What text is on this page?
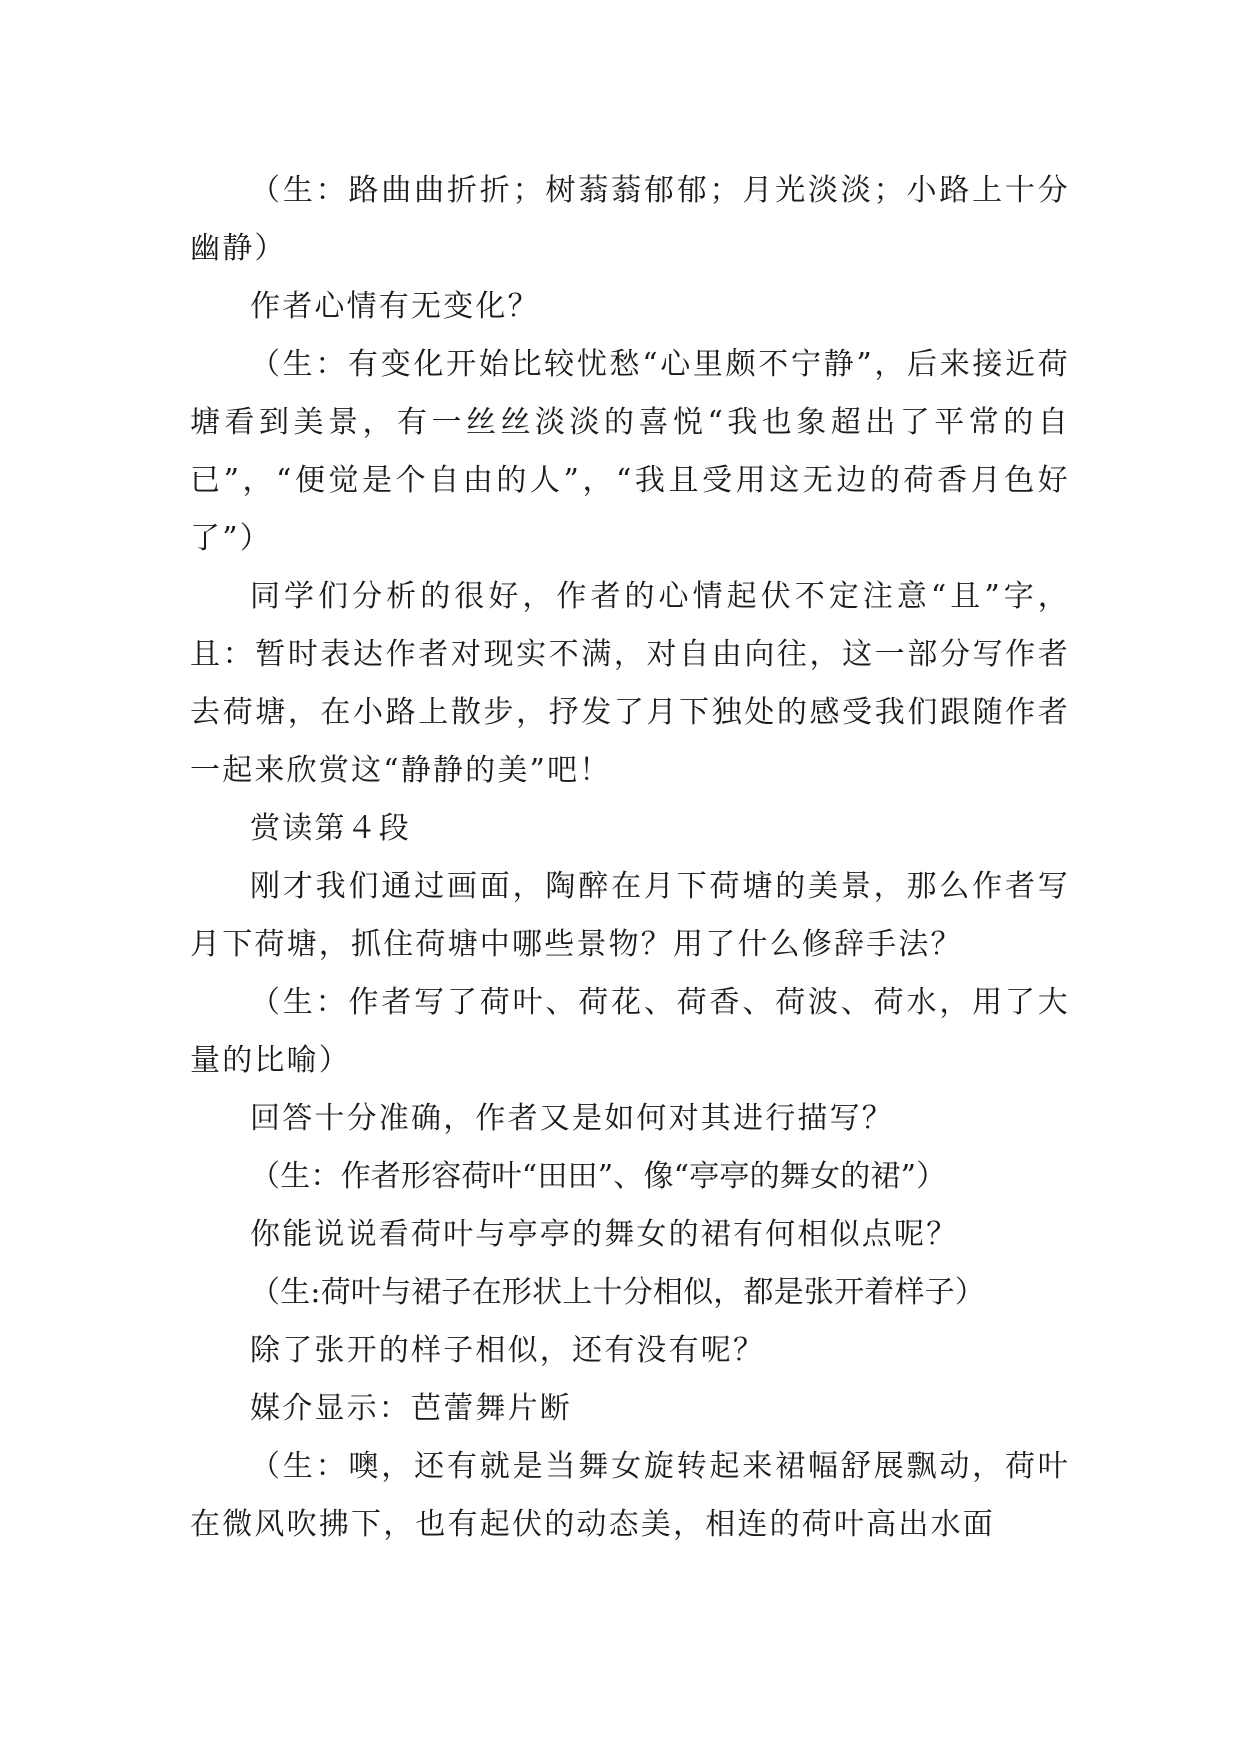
（生：路曲曲折折；树蓊蓊郁郁；月光淡淡；小路上十分幽静）

作者心情有无变化？

（生：有变化开始比较忧愁“心里颇不宁静”，后来接近荷塘看到美景，有一丝丝淡淡的喜悦“我也象超出了平常的自已”，“便觉是个自由的人”，“我且受用这无边的荷香月色好了”）

同学们分析的很好，作者的心情起伏不定注意“且”字，且：暂时表达作者对现实不满，对自由向往，这一部分写作者去荷塘，在小路上散步，抒发了月下独处的感受我们跟随作者一起来欣赏这“静静的美”吧！

赏读第４段

刚才我们通过画面，陶醉在月下荷塘的美景，那么作者写月下荷塘，抓住荷塘中哪些景物？用了什么修辞手法？

（生：作者写了荷叶、荷花、荷香、荷波、荷水，用了大量的比喻）

回答十分准确，作者又是如何对其进行描写？

（生：作者形容荷叶“田田”、像“亭亭的舞女的裙”）

你能说说看荷叶与亭亭的舞女的裙有何相似点呢？

（生:荷叶与裙子在形状上十分相似，都是张开着样子）

除了张开的样子相似，还有没有呢？

媒介显示：芭蕾舞片断

（生：噢，还有就是当舞女旋转起来裙幅舒展飘动，荷叶在微风吹拂下，也有起伏的动态美，相连的荷叶高出水面
